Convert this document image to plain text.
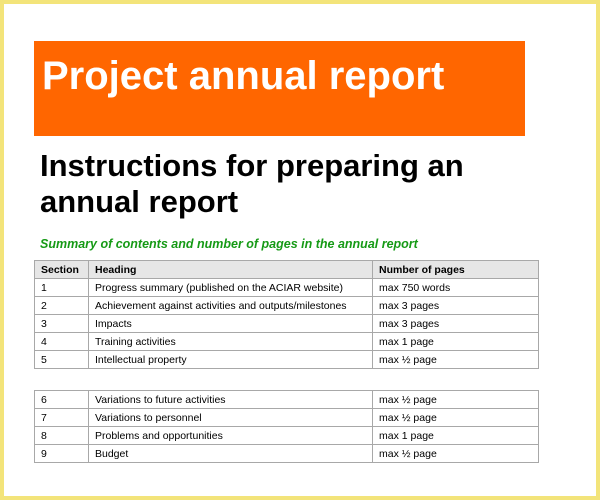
Project annual report
Instructions for preparing an annual report
Summary of contents and number of pages in the annual report
Section	Heading	Number of pages
1	Progress summary (published on the ACIAR website)	max 750 words
2	Achievement against activities and outputs/milestones	max 3 pages
3	Impacts	max 3 pages
4	Training activities	max 1 page
5	Intellectual property	max ½ page
6	Variations to future activities	max ½ page
7	Variations to personnel	max ½ page
8	Problems and opportunities	max 1 page
9	Budget	max ½ page
